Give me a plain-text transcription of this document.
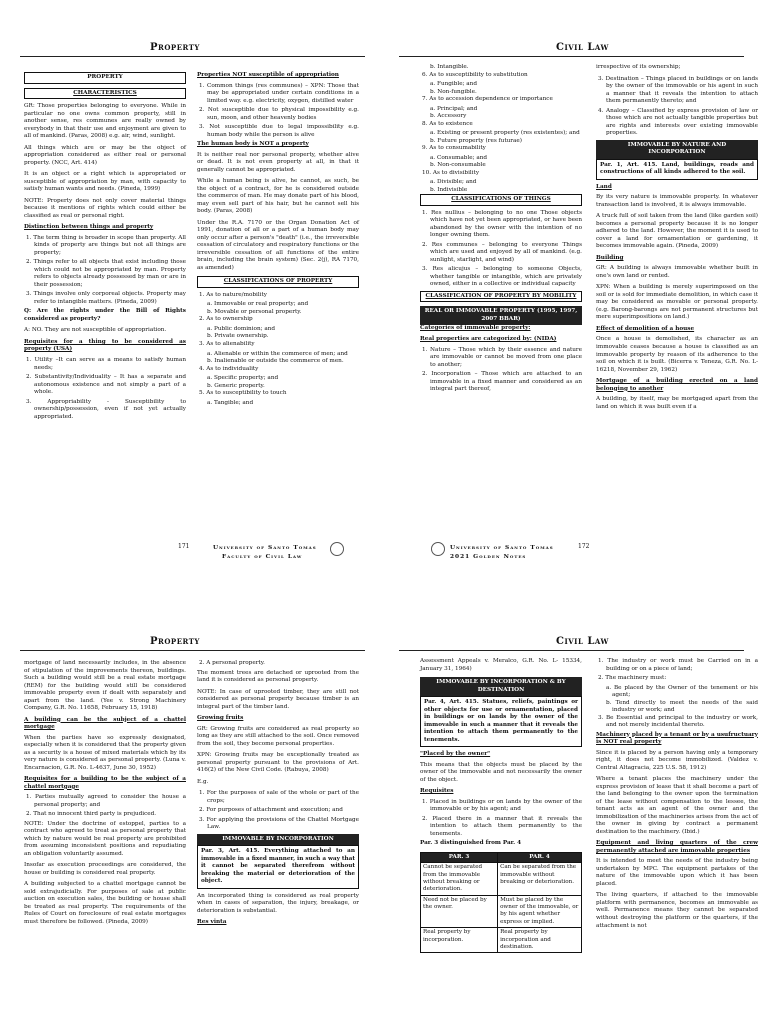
Property
PROPERTY
CHARACTERISTICS
GR: Those properties belonging to everyone. While in particular no one owns common property, still in another sense, res communes are really owned by everybody in that their use and enjoyment are given to all of mankind. (Paras, 2008) e.g. air, wind, sunlight.
All things which are or may be the object of appropriation considered as either real or personal property. (NCC, Art. 414)
It is an object or a right which is appropriated or susceptible of appropriation by man, with capacity to satisfy human wants and needs. (Pineda, 1999)
NOTE: Property does not only cover material things because it mentions of rights which could either be classified as real or personal right.
Distinction between things and property
1. The term thing is broader in scope than property. All kinds of property are things but not all things are property;
2. Things refer to all objects that exist including those which could not be appropriated by man. Property refers to objects already possessed by man or are in their possession;
3. Things involve only corporeal objects. Property may refer to intangible matters. (Pineda, 2009)
Q: Are the rights under the Bill of Rights considered as property?
A: NO. They are not susceptible of appropriation.
Requisites for a thing to be considered as property (USA)
1. Utility –It can serve as a means to satisfy human needs;
2. Substantivity/Individuality – It has a separate and autonomous existence and not simply a part of a whole.
3. Appropriability - Susceptibility to ownership/possession, even if not yet actually appropriated.
Properties NOT susceptible of appropriation
1. Common things (res communes) – XPN: Those that may be appropriated under certain conditions in a limited way. e.g. electricity, oxygen, distilled water
2. Not susceptible due to physical impossibility e.g. sun, moon, and other heavenly bodies
3. Not susceptible due to legal impossibility e.g. human body while the person is alive
The human body is NOT a property
It is neither real nor personal property, whether alive or dead. It is not even property at all, in that it generally cannot be appropriated.
While a human being is alive, he cannot, as such, be the object of a contract, for he is considered outside the commerce of man. He may donate part of his blood, may even sell part of his hair, but he cannot sell his body. (Paras, 2008)
Under the R.A. 7170 or the Organ Donation Act of 1991, donation of all or a part of a human body may only occur after a person's "death" (i.e., the irreversible cessation of circulatory and respiratory functions or the irreversible cessation of all functions of the entire brain, including the brain system) (Sec. 2(j), RA 7170, as amended)
CLASSIFICATIONS OF PROPERTY
1. As to nature/mobility
a. Immovable or real property; and
b. Movable or personal property.
2. As to ownership
a. Public dominion; and
b. Private ownership.
3. As to alienability
a. Alienable or within the commerce of men; and
b. Inalienable or outside the commerce of men.
4. As to individuality
a. Specific property; and
b. Generic property.
5. As to susceptibility to touch
a. Tangible; and
171	University of Santo Tomas
Faculty of Civil Law
Civil Law
b. Intangible.
6. As to susceptibility to substitution
a. Fungible; and
b. Non-fungible.
7. As to accession dependence or importance
a. Principal; and
b. Accessory
8. As to existence
a. Existing or present property (res existentes); and
b. Future property (res futurae)
9. As to consumability
a. Consumable; and
b. Non-consumable
10. As to divisibility
a. Divisible; and
b. Indivisible
CLASSIFICATIONS OF THINGS
1. Res nullius – belonging to no one Those objects which have not yet been appropriated, or have been abandoned by the owner with the intention of no longer owning them.
2. Res communes – belonging to everyone Things which are used and enjoyed by all of mankind. (e.g. sunlight, starlight, and wind)
3. Res alicujus – belonging to someone Objects, whether tangible or intangible, which are privately owned, either in a collective or individual capacity
CLASSIFICATION OF PROPERTY BY MOBILITY
REAL OR IMMOVABLE PROPERTY (1995, 1997, 2007 BBAR)
Categories of immovable property:
Real properties are categorized by: (NIDA)
1. Nature – Those which by their essence and nature are immovable or cannot be moved from one place to another;
2. Incorporation – Those which are attached to an immovable in a fixed manner and considered as an integral part thereof,
irrespective of its ownership;
3. Destination – Things placed in buildings or on lands by the owner of the immovable or his agent in such a manner that it reveals the intention to attach them permanently thereto; and
4. Analogy – Classified by express provision of law or those which are not actually tangible properties but are rights and interests over existing immovable properties.
IMMOVABLE BY NATURE AND INCORPORATION
Par. 1, Art. 415. Land, buildings, roads and constructions of all kinds adhered to the soil.
Land
By its very nature is immovable property. In whatever transaction land is involved, it is always immovable.
A truck full of soil taken from the land (like garden soil) becomes a personal property because it is no longer adhered to the land. However, the moment it is used to cover a land for ornamentation or gardening, it becomes immovable again. (Pineda, 2009)
Building
GR: A building is always immovable whether built in one's own land or rented.
XPN: When a building is merely superimposed on the soil or is sold for immediate demolition, in which case it may be considered as movable or personal property. (e.g. Barong-barongs are not permanent structures but mere superimpositions on land.)
Effect of demolition of a house
Once a house is demolished, its character as an immovable ceases because a house is classified as an immovable property by reason of its adherence to the soil on which it is built. (Bicerra v. Teneza, G.R. No. L-16218, November 29, 1962)
Mortgage of a building erected on a land belonging to another
A building, by itself, may be mortgaged apart from the land on which it was built even if a
University of Santo Tomas
2021 Golden Notes
172
Property
mortgage of land necessarily includes, in the absence of stipulation of the improvements thereon, buildings. Such a building would still be a real estate mortgage (REM) for the building would still be considered immovable property even if dealt with separately and apart from the land. (Yee v. Strong Machinery Company, G.R. No. 11658, February 15, 1918)
A building can be the subject of a chattel mortgage
When the parties have so expressly designated, especially when it is considered that the property given as a security is a house of mixed materials which by its very nature is considered as personal property. (Luna v. Encarnacion, G.R. No. L-4637, June 30, 1952)
Requisites for a building to be the subject of a chattel mortgage
1. Parties mutually agreed to consider the house a personal property; and
2. That no innocent third party is prejudiced.
NOTE: Under the doctrine of estoppel, parties to a contract who agreed to treat as personal property that which by nature would be real property are prohibited from assuming inconsistent positions and repudiating an obligation voluntarily assumed.
Insofar as execution proceedings are considered, the house or building is considered real property.
A building subjected to a chattel mortgage cannot be sold extrajudicially. For purposes of sale at public auction on execution sales, the building or house shall be treated as real property. The requirements of the Rules of Court on foreclosure of real estate mortgages must therefore be followed. (Pineda, 2009)
2. A personal property.
The moment trees are detached or uprooted from the land it is considered as personal property.
NOTE: In case of uprooted timber, they are still not considered as personal property because timber is an integral part of the timber land.
Growing fruits
GR: Growing fruits are considered as real property so long as they are still attached to the soil. Once removed from the soil, they become personal properties.
XPN: Growing fruits may be exceptionally treated as personal property pursuant to the provisions of Art. 416(2) of the New Civil Code. (Rabuya, 2008)
E.g.
1. For the purposes of sale of the whole or part of the crops;
2. For purposes of attachment and execution; and
3. For applying the provisions of the Chattel Mortgage Law.
IMMOVABLE BY INCORPORATION
Par. 3, Art. 415. Everything attached to an immovable in a fixed manner, in such a way that it cannot be separated therefrom without breaking the material or deterioration of the object.
An incorporated thing is considered as real property when in cases of separation, the injury, breakage, or deterioration is substantial.
Res vinta
Civil Law
Assessment Appeals v. Meralco, G.R. No. L- 15334, January 31, 1964)
IMMOVABLE BY INCORPORATION & BY DESTINATION
Par. 4, Art. 415. Statues, reliefs, paintings or other objects for use or ornamentation, placed in buildings or on lands by the owner of the immovable in such a manner that it reveals the intention to attach them permanently to the tenements.
"Placed by the owner"
This means that the objects must be placed by the owner of the immovable and not necessarily the owner of the object.
Requisites
1. Placed in buildings or on lands by the owner of the immovable or by his agent; and
2. Placed there in a manner that it reveals the intention to attach them permanently to the tenements.
Par. 3 distinguished from Par. 4
PAR. 3	PAR. 4
Cannot be separated from the immovable without breaking or deterioration.	Can be separated from the immovable without breaking or deterioration.
Need not be placed by the owner.	Must be placed by the owner of the immovable, or by his agent whether express or implied.
Real property by incorporation.	Real property by incorporation and destination.
1. The industry or work must be Carried on in a building or on a piece of land;
2. The machinery must:
a. Be placed by the Owner of the tenement or his agent;
b. Tend directly to meet the needs of the said industry or work; and
3. Be Essential and principal to the industry or work, and not merely incidental thereto.
Machinery placed by a tenant or by a usufructuary is NOT real property
Since it is placed by a person having only a temporary right, it does not become immobilized. (Valdez v. Central Altagracia, 225 U.S. 58, 1912)
Where a tenant places the machinery under the express provision of lease that it shall become a part of the land belonging to the owner upon the termination of the lease without compensation to the lessee, the tenant acts as an agent of the owner and the immobilization of the machineries arises from the act of the owner in giving by contract a permanent destination to the machinery. (Ibid.)
Equipment and living quarters of the crew permanently attached are immovable properties
It is intended to meet the needs of the industry being undertaken by MPC. The equipment partakes of the nature of the immovable upon which it has been placed.
The living quarters, if attached to the immovable platform with permanence, becomes an immovable as well. Permanence means they cannot be separated without destroying the platform or the quarters, if the attachment is not
